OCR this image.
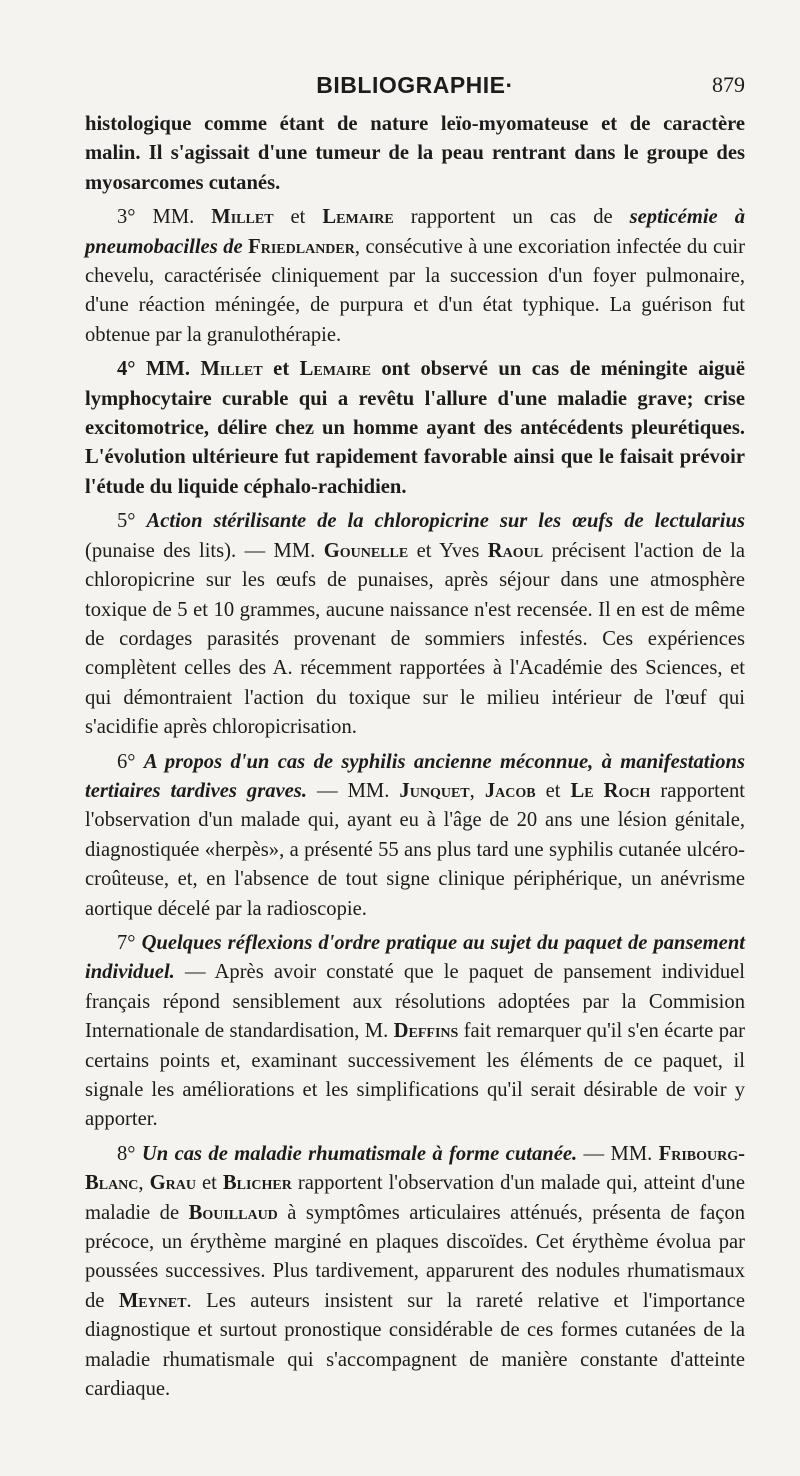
BIBLIOGRAPHIE·	879

histologique comme étant de nature leïo-myomateuse et de caractère malin. Il s'agissait d'une tumeur de la peau rentrant dans le groupe des myosarcomes cutanés.

3° MM. Millet et Lemaire rapportent un cas de septicémie à pneumobacilles de Friedlander, consécutive à une excoriation infectée du cuir chevelu, caractérisée cliniquement par la succession d'un foyer pulmonaire, d'une réaction méningée, de purpura et d'un état typhique. La guérison fut obtenue par la granulothérapie.

4° MM. Millet et Lemaire ont observé un cas de méningite aiguë lymphocytaire curable qui a revêtu l'allure d'une maladie grave; crise excitomotrice, délire chez un homme ayant des antécédents pleurétiques. L'évolution ultérieure fut rapidement favorable ainsi que le faisait prévoir l'étude du liquide céphalo-rachidien.

5° Action stérilisante de la chloropicrine sur les œufs de lectularius (punaise des lits). — MM. Gounelle et Yves Raoul précisent l'action de la chloropicrine sur les œufs de punaises, après séjour dans une atmosphère toxique de 5 et 10 grammes, aucune naissance n'est recensée. Il en est de même de cordages parasités provenant de sommiers infestés. Ces expériences complètent celles des A. récemment rapportées à l'Académie des Sciences, et qui démontraient l'action du toxique sur le milieu intérieur de l'œuf qui s'acidifie après chloropicrisation.

6° A propos d'un cas de syphilis ancienne méconnue, à manifestations tertiaires tardives graves. — MM. Junquet, Jacob et Le Roch rapportent l'observation d'un malade qui, ayant eu à l'âge de 20 ans une lésion génitale, diagnostiquée «herpès», a présenté 55 ans plus tard une syphilis cutanée ulcéro-croûteuse, et, en l'absence de tout signe clinique périphérique, un anévrisme aortique décelé par la radioscopie.

7° Quelques réflexions d'ordre pratique au sujet du paquet de pansement individuel. — Après avoir constaté que le paquet de pansement individuel français répond sensiblement aux résolutions adoptées par la Commision Internationale de standardisation, M. Deffins fait remarquer qu'il s'en écarte par certains points et, examinant successivement les éléments de ce paquet, il signale les améliorations et les simplifications qu'il serait désirable de voir y apporter.

8° Un cas de maladie rhumatismale à forme cutanée. — MM. Fribourg-Blanc, Grau et Blicher rapportent l'observation d'un malade qui, atteint d'une maladie de Bouillaud à symptômes articulaires atténués, présenta de façon précoce, un érythème marginé en plaques discoïdes. Cet érythème évolua par poussées successives. Plus tardivement, apparurent des nodules rhumatismaux de Meynet. Les auteurs insistent sur la rareté relative et l'importance diagnostique et surtout pronostique considérable de ces formes cutanées de la maladie rhumatismale qui s'accompagnent de manière constante d'atteinte cardiaque.
